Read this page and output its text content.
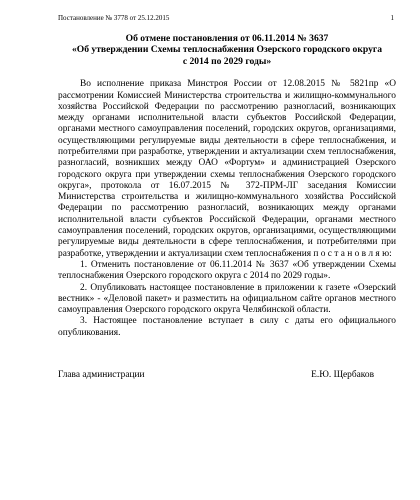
Постановление № 3778 от 25.12.2015	1
Об отмене постановления от 06.11.2014 № 3637
«Об утверждении Схемы теплоснабжения Озерского городского округа
с 2014 по 2029 годы»

Во исполнение приказа Минстроя России от 12.08.2015 № 5821пр «О рассмотрении Комиссией Министерства строительства и жилищно-коммунального хозяйства Российской Федерации по рассмотрению разногласий, возникающих между органами исполнительной власти субъектов Российской Федерации, органами местного самоуправления поселений, городских округов, организациями, осуществляющими регулируемые виды деятельности в сфере теплоснабжения, и потребителями при разработке, утверждении и актуализации схем теплоснабжения, разногласий, возникших между ОАО «Фортум» и администрацией Озерского городского округа при утверждении схемы теплоснабжения Озерского городского округа», протокола от 16.07.2015 № 372-ПРМ-ЛГ заседания Комиссии Министерства строительства и жилищно-коммунального хозяйства Российской Федерации по рассмотрению разногласий, возникающих между органами исполнительной власти субъектов Российской Федерации, органами местного самоуправления поселений, городских округов, организациями, осуществляющими регулируемые виды деятельности в сфере теплоснабжения, и потребителями при разработке, утверждении и актуализации схем теплоснабжения п о с т а н о в л я ю:

1. Отменить постановление от 06.11.2014 № 3637 «Об утверждении Схемы теплоснабжения Озерского городского округа с 2014 по 2029 годы».

2. Опубликовать настоящее постановление в приложении к газете «Озерский вестник» - «Деловой пакет» и разместить на официальном сайте органов местного самоуправления Озерского городского округа Челябинской области.

3. Настоящее постановление вступает в силу с даты его официального опубликования.

Глава администрации	Е.Ю. Щербаков
